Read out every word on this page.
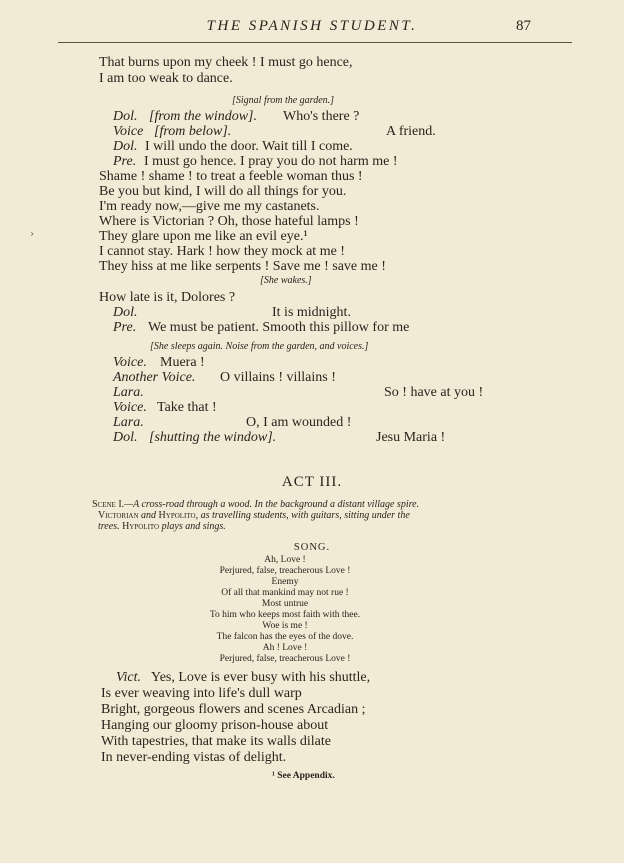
THE SPANISH STUDENT.	87
That burns upon my cheek ! I must go hence,
I am too weak to dance.
[Signal from the garden.]
Dol. [from the window]. Who's there ?
Voice [from below].	A friend.
Dol. I will undo the door. Wait till I come.
Pre. I must go hence. I pray you do not harm me !
Shame ! shame ! to treat a feeble woman thus !
Be you but kind, I will do all things for you.
I'm ready now,—give me my castanets.
Where is Victorian ? Oh, those hateful lamps !
They glare upon me like an evil eye.¹
I cannot stay. Hark ! how they mock at me !
They hiss at me like serpents ! Save me ! save me !
[She wakes.]
How late is it, Dolores ?
Dol.	It is midnight.
Pre. We must be patient. Smooth this pillow for me
[She sleeps again. Noise from the garden, and voices.]
Voice. Muera !
Another Voice. O villains ! villains !
Lara.	So ! have at you !
Voice. Take that !
Lara.	O, I am wounded !
Dol. [shutting the window].	Jesu Maria !
ACT III.
Scene I.—A cross-road through a wood. In the background a distant village spire.
Victorian and Hypolito, as travelling students, with guitars, sitting under the
trees. Hypolito plays and sings.
SONG.
Ah, Love !
Perjured, false, treacherous Love !
Enemy
Of all that mankind may not rue !
Most untrue
To him who keeps most faith with thee.
Woe is me !
The falcon has the eyes of the dove.
Ah ! Love !
Perjured, false, treacherous Love !
Vict. Yes, Love is ever busy with his shuttle,
Is ever weaving into life's dull warp
Bright, gorgeous flowers and scenes Arcadian ;
Hanging our gloomy prison-house about
With tapestries, that make its walls dilate
In never-ending vistas of delight.
¹ See Appendix.
›
